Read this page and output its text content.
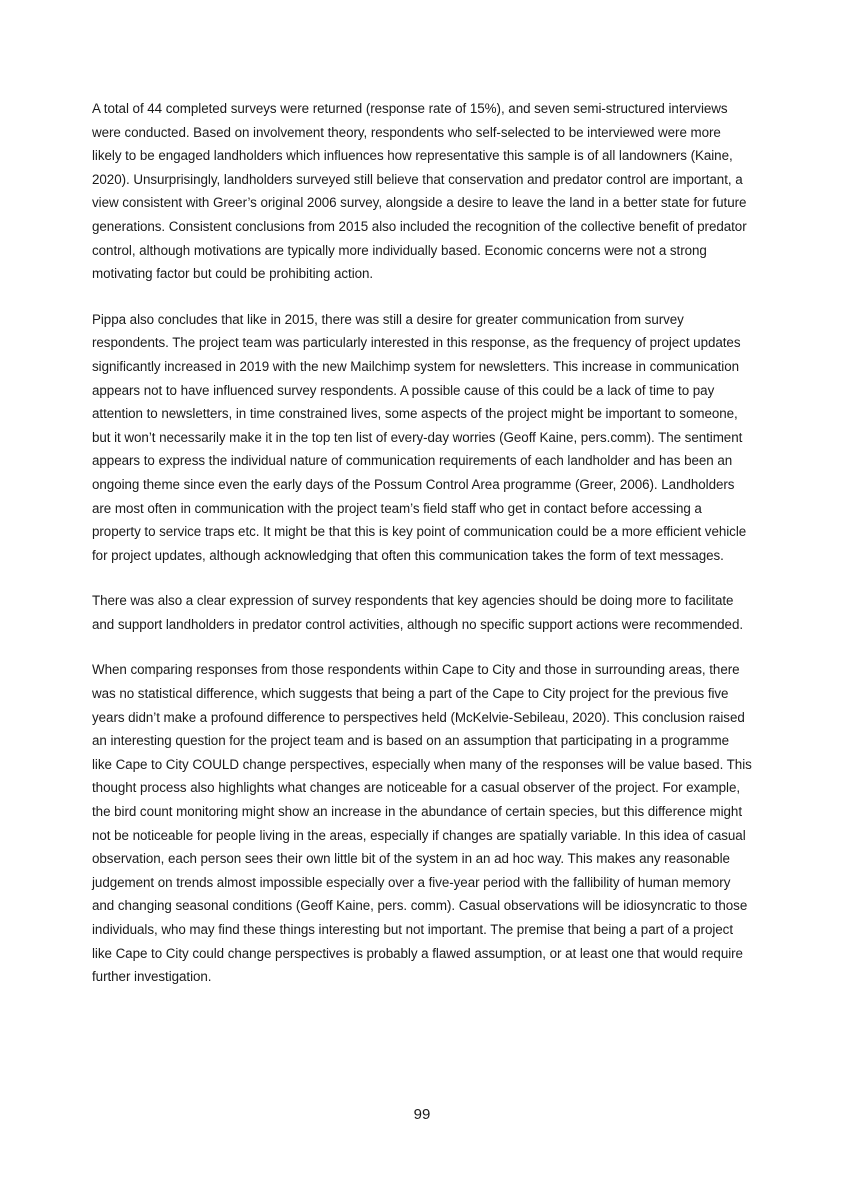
A total of 44 completed surveys were returned (response rate of 15%), and seven semi-structured interviews were conducted. Based on involvement theory, respondents who self-selected to be interviewed were more likely to be engaged landholders which influences how representative this sample is of all landowners (Kaine, 2020). Unsurprisingly, landholders surveyed still believe that conservation and predator control are important, a view consistent with Greer’s original 2006 survey, alongside a desire to leave the land in a better state for future generations. Consistent conclusions from 2015 also included the recognition of the collective benefit of predator control, although motivations are typically more individually based. Economic concerns were not a strong motivating factor but could be prohibiting action.

Pippa also concludes that like in 2015, there was still a desire for greater communication from survey respondents. The project team was particularly interested in this response, as the frequency of project updates significantly increased in 2019 with the new Mailchimp system for newsletters. This increase in communication appears not to have influenced survey respondents. A possible cause of this could be a lack of time to pay attention to newsletters, in time constrained lives, some aspects of the project might be important to someone, but it won’t necessarily make it in the top ten list of every-day worries (Geoff Kaine, pers.comm). The sentiment appears to express the individual nature of communication requirements of each landholder and has been an ongoing theme since even the early days of the Possum Control Area programme (Greer, 2006). Landholders are most often in communication with the project team’s field staff who get in contact before accessing a property to service traps etc. It might be that this is key point of communication could be a more efficient vehicle for project updates, although acknowledging that often this communication takes the form of text messages.

There was also a clear expression of survey respondents that key agencies should be doing more to facilitate and support landholders in predator control activities, although no specific support actions were recommended.

When comparing responses from those respondents within Cape to City and those in surrounding areas, there was no statistical difference, which suggests that being a part of the Cape to City project for the previous five years didn’t make a profound difference to perspectives held (McKelvie-Sebileau, 2020). This conclusion raised an interesting question for the project team and is based on an assumption that participating in a programme like Cape to City COULD change perspectives, especially when many of the responses will be value based. This thought process also highlights what changes are noticeable for a casual observer of the project. For example, the bird count monitoring might show an increase in the abundance of certain species, but this difference might not be noticeable for people living in the areas, especially if changes are spatially variable. In this idea of casual observation, each person sees their own little bit of the system in an ad hoc way. This makes any reasonable judgement on trends almost impossible especially over a five-year period with the fallibility of human memory and changing seasonal conditions (Geoff Kaine, pers. comm). Casual observations will be idiosyncratic to those individuals, who may find these things interesting but not important. The premise that being a part of a project like Cape to City could change perspectives is probably a flawed assumption, or at least one that would require further investigation.

99
